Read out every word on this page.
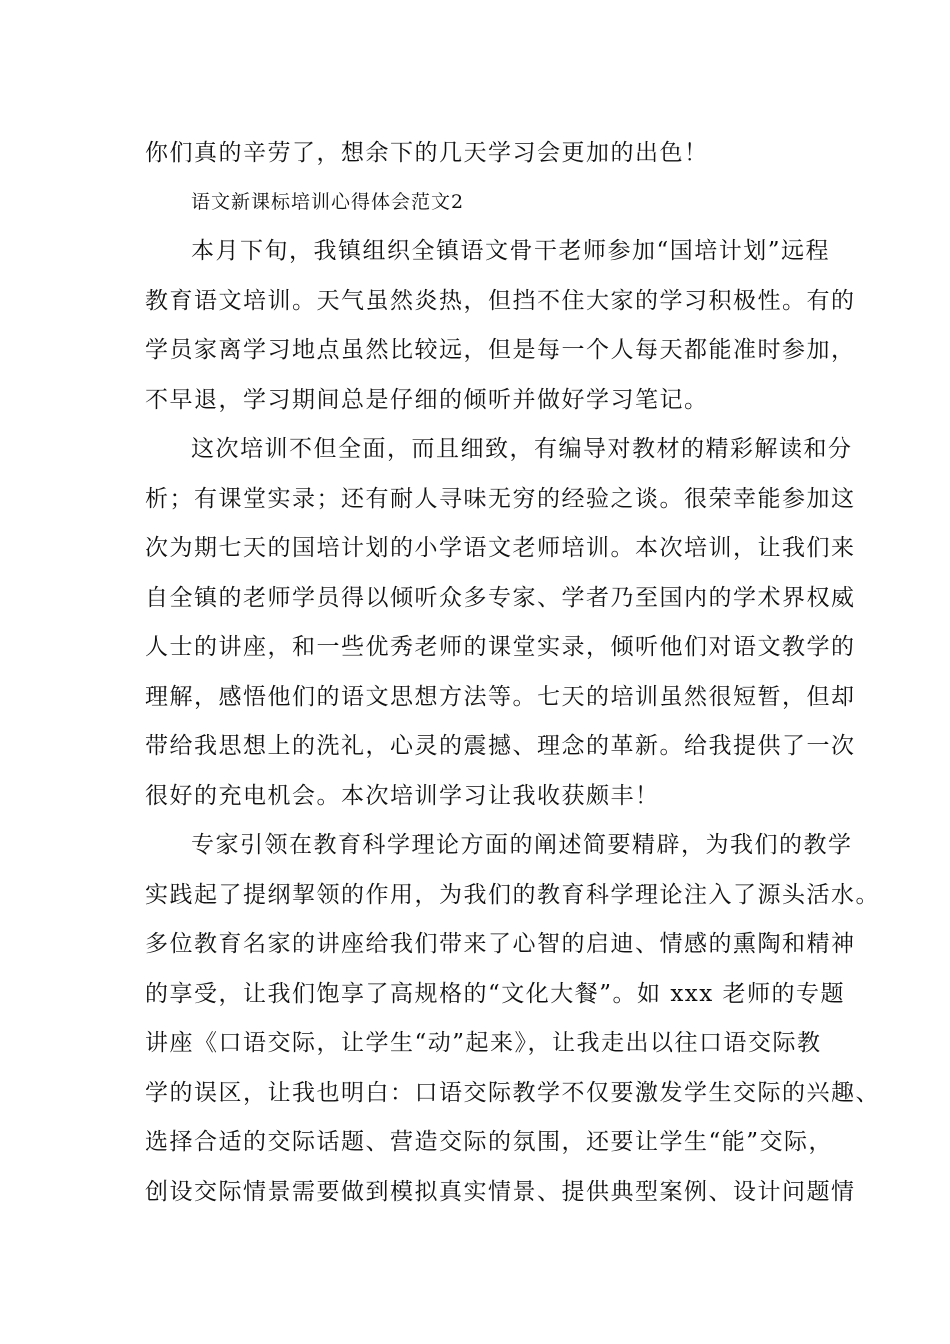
你们真的辛劳了，想余下的几天学习会更加的出色！
语文新课标培训心得体会范文2
本月下旬，我镇组织全镇语文骨干老师参加“国培计划”远程
教育语文培训。天气虽然炎热，但挡不住大家的学习积极性。有的
学员家离学习地点虽然比较远，但是每一个人每天都能准时参加，
不早退，学习期间总是仔细的倾听并做好学习笔记。
这次培训不但全面，而且细致，有编导对教材的精彩解读和分
析；有课堂实录；还有耐人寻味无穷的经验之谈。很荣幸能参加这
次为期七天的国培计划的小学语文老师培训。本次培训，让我们来
自全镇的老师学员得以倾听众多专家、学者乃至国内的学术界权威
人士的讲座，和一些优秀老师的课堂实录，倾听他们对语文教学的
理解，感悟他们的语文思想方法等。七天的培训虽然很短暂，但却
带给我思想上的洗礼，心灵的震撼、理念的革新。给我提供了一次
很好的充电机会。本次培训学习让我收获颇丰！
专家引领在教育科学理论方面的阐述简要精辟，为我们的教学
实践起了提纲挈领的作用，为我们的教育科学理论注入了源头活水。
多位教育名家的讲座给我们带来了心智的启迪、情感的熏陶和精神
的享受，让我们饱享了高规格的“文化大餐”。如 xxx 老师的专题
讲座《口语交际，让学生“动”起来》，让我走出以往口语交际教
学的误区，让我也明白：口语交际教学不仅要激发学生交际的兴趣、
选择合适的交际话题、营造交际的氛围，还要让学生“能”交际，
创设交际情景需要做到模拟真实情景、提供典型案例、设计问题情
